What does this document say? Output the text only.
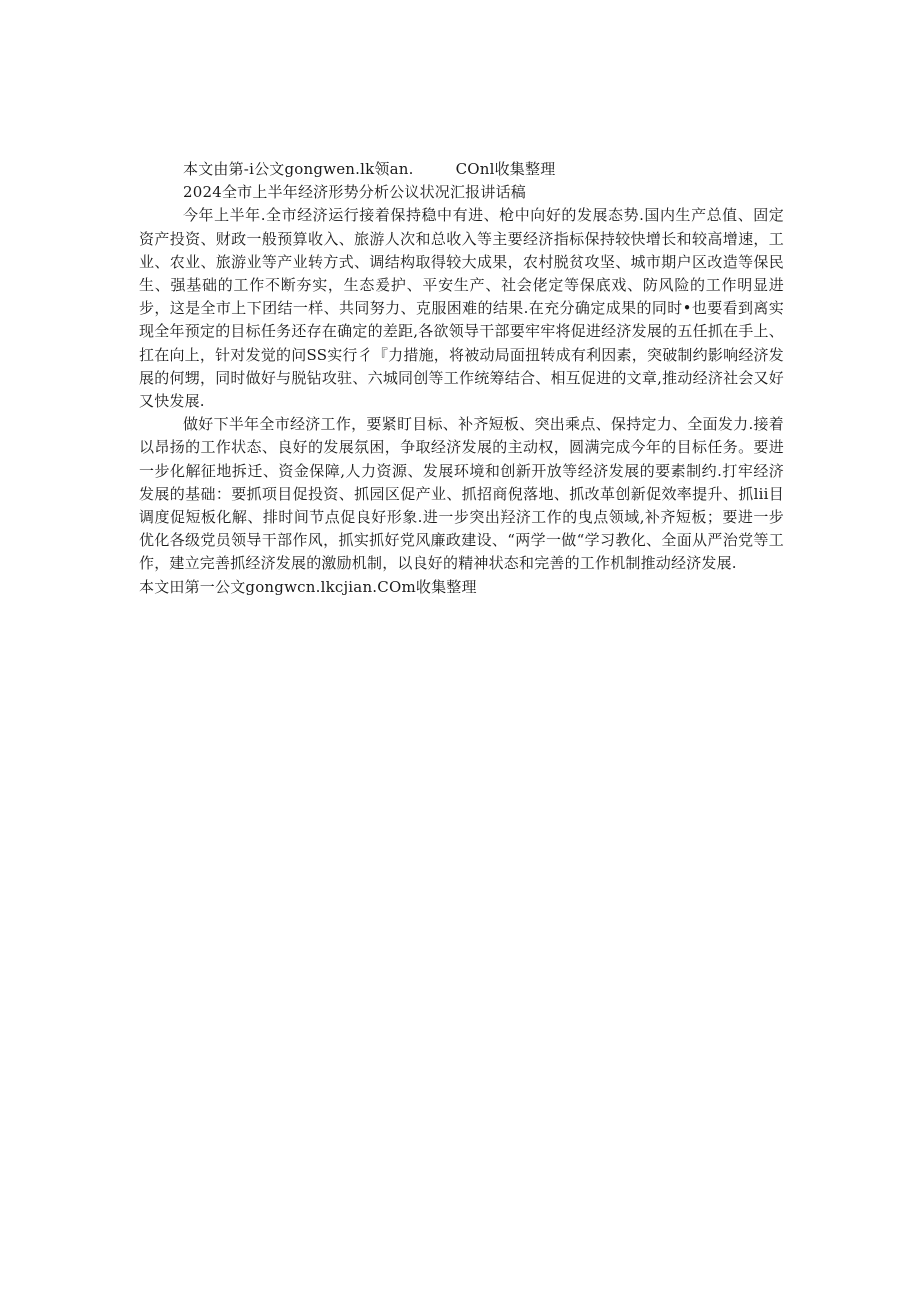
本文由第-i公文gongwen.lk领an.	COnl收集整理

2024全市上半年经济形势分析公议状况汇报讲话稿

今年上半年.全市经济运行接着保持稳中有进、枪中向好的发展态势.国内生产总值、固定资产投资、财政一般预算收入、旅游人次和总收入等主要经济指标保持较快增长和较高增速，工业、农业、旅游业等产业转方式、调结构取得较大成果，农村脱贫攻坚、城市期户区改造等保民生、强基础的工作不断夯实，生态爰护、平安生产、社会佬定等保底戏、防风险的工作明显进步，这是全市上下团结一样、共同努力、克服困难的结果.在充分确定成果的同时•也要看到离实现全年预定的目标任务还存在确定的差距,各欲领导干部要牢牢将促进经济发展的五任抓在手上、扛在向上，针对发觉的问SS实行彳『力措施，将被动局面扭转成有利因素，突破制约影响经济发展的何甥，同时做好与脱钻攻驻、六城同创等工作统筹结合、相互促进的文章,推动经济社会又好又快发展.

做好下半年全市经济工作，要紧盯目标、补齐短板、突出乘点、保持定力、全面发力.接着以昂扬的工作状态、良好的发展氛困，争取经济发展的主动权，圆满完成今年的目标任务。要进一步化解征地拆迁、资金保障,人力资源、发展环境和创新开放等经济发展的要素制约.打牢经济发展的基础：要抓项目促投资、抓园区促产业、抓招商倪落地、抓改革创新促效率提升、抓lii目调度促短板化解、排时间节点促良好形象.进一步突出羟济工作的曳点领域,补齐短板；要进一步优化各级党员领导干部作风，抓实抓好党风廉政建设、“两学一做“学习教化、全面从严治党等工作，建立完善抓经济发展的激励机制，以良好的精神状态和完善的工作机制推动经济发展.

本文田第一公文gongwcn.lkcjian.COm收集整理
